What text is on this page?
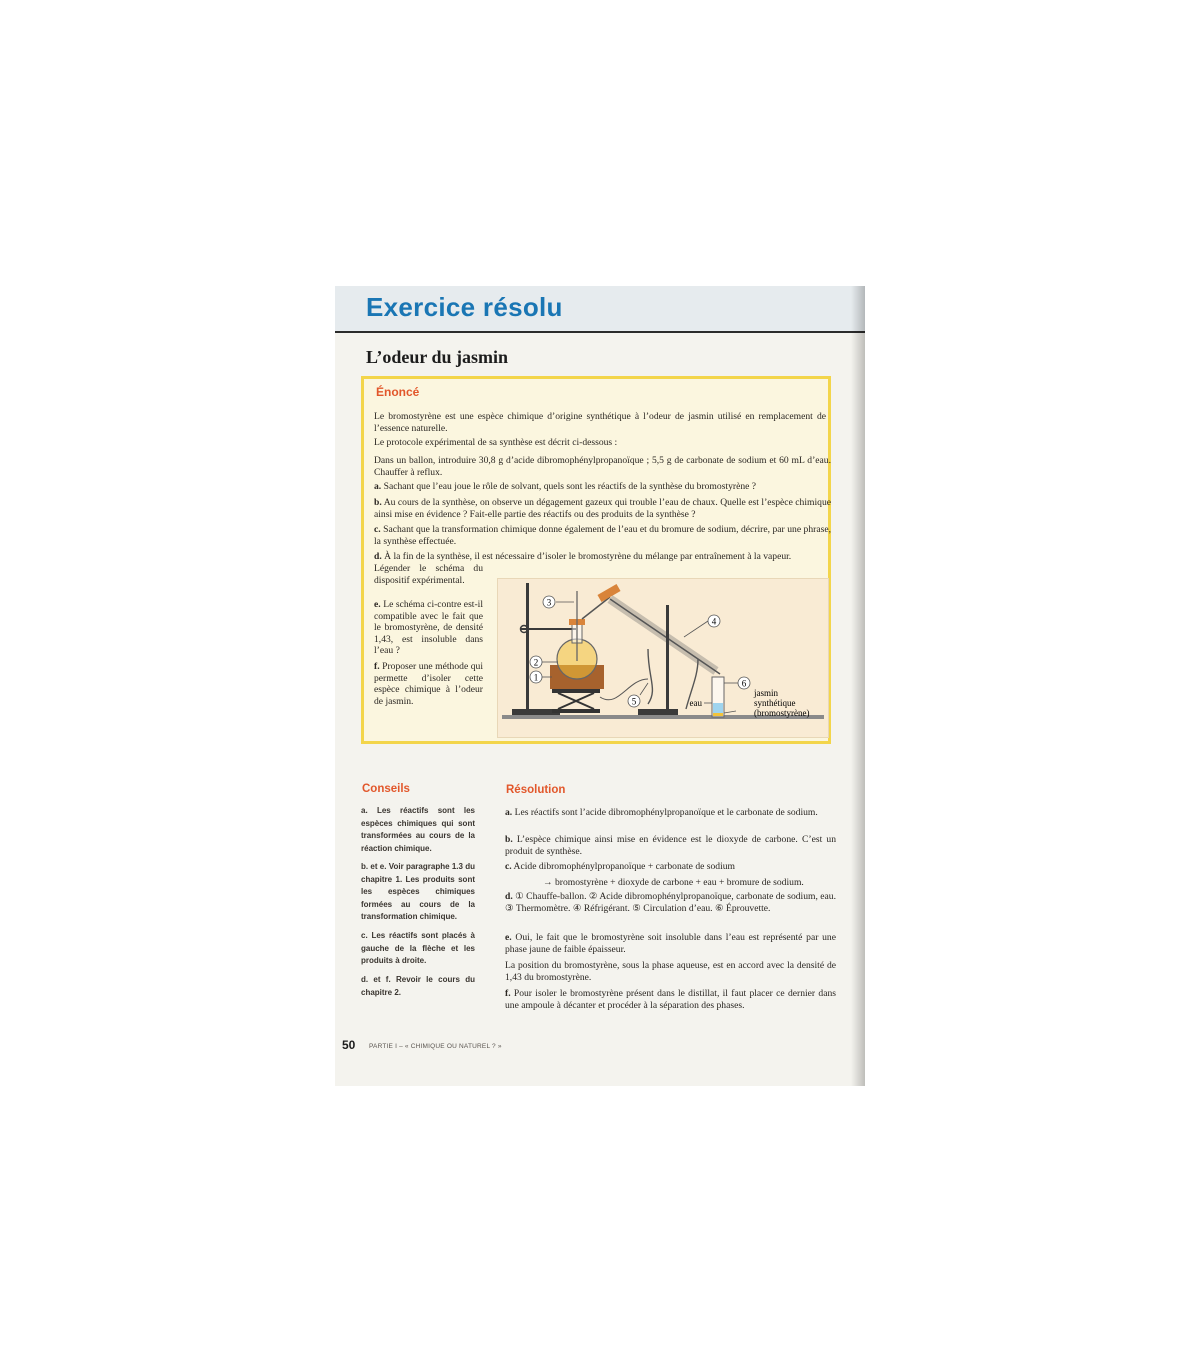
Exercice résolu
L’odeur du jasmin
Énoncé
Le bromostyrène est une espèce chimique d’origine synthétique à l’odeur de jasmin utilisé en remplacement de l’essence naturelle.
Le protocole expérimental de sa synthèse est décrit ci-dessous :
Dans un ballon, introduire 30,8 g d’acide dibromophénylpropanoïque ; 5,5 g de carbonate de sodium et 60 mL d’eau. Chauffer à reflux.
a. Sachant que l’eau joue le rôle de solvant, quels sont les réactifs de la synthèse du bromostyrène ?
b. Au cours de la synthèse, on observe un dégagement gazeux qui trouble l’eau de chaux. Quelle est l’espèce chimique ainsi mise en évidence ? Fait-elle partie des réactifs ou des produits de la synthèse ?
c. Sachant que la transformation chimique donne également de l’eau et du bromure de sodium, décrire, par une phrase, la synthèse effectuée.
d. À la fin de la synthèse, il est nécessaire d’isoler le bromostyrène du mélange par entraînement à la vapeur.
Légender le schéma du dispositif expérimental.
e. Le schéma ci-contre est-il compatible avec le fait que le bromostyrène, de densité 1,43, est insoluble dans l’eau ?
f. Proposer une méthode qui permette d’isoler cette espèce chimique à l’odeur de jasmin.
3
2
1
4
5
6
eau
jasmin
synthétique
(bromostyrène)
Conseils
a. Les réactifs sont les espèces chimiques qui sont transformées au cours de la réaction chimique.
b. et e. Voir paragraphe 1.3 du chapitre 1. Les produits sont les espèces chimiques formées au cours de la transformation chimique.
c. Les réactifs sont placés à gauche de la flèche et les produits à droite.
d. et f. Revoir le cours du chapitre 2.
Résolution
a. Les réactifs sont l’acide dibromophénylpropanoïque et le carbonate de sodium.
b. L’espèce chimique ainsi mise en évidence est le dioxyde de carbone. C’est un produit de synthèse.
c. Acide dibromophénylpropanoïque + carbonate de sodium
→ bromostyrène + dioxyde de carbone + eau + bromure de sodium.
d. ① Chauffe-ballon. ② Acide dibromophénylpropanoïque, carbonate de sodium, eau. ③ Thermomètre. ④ Réfrigérant. ⑤ Circulation d’eau. ⑥ Éprouvette.
e. Oui, le fait que le bromostyrène soit insoluble dans l’eau est représenté par une phase jaune de faible épaisseur.
La position du bromostyrène, sous la phase aqueuse, est en accord avec la densité de 1,43 du bromostyrène.
f. Pour isoler le bromostyrène présent dans le distillat, il faut placer ce dernier dans une ampoule à décanter et procéder à la séparation des phases.
50 PARTIE I – « CHIMIQUE OU NATUREL ? »
